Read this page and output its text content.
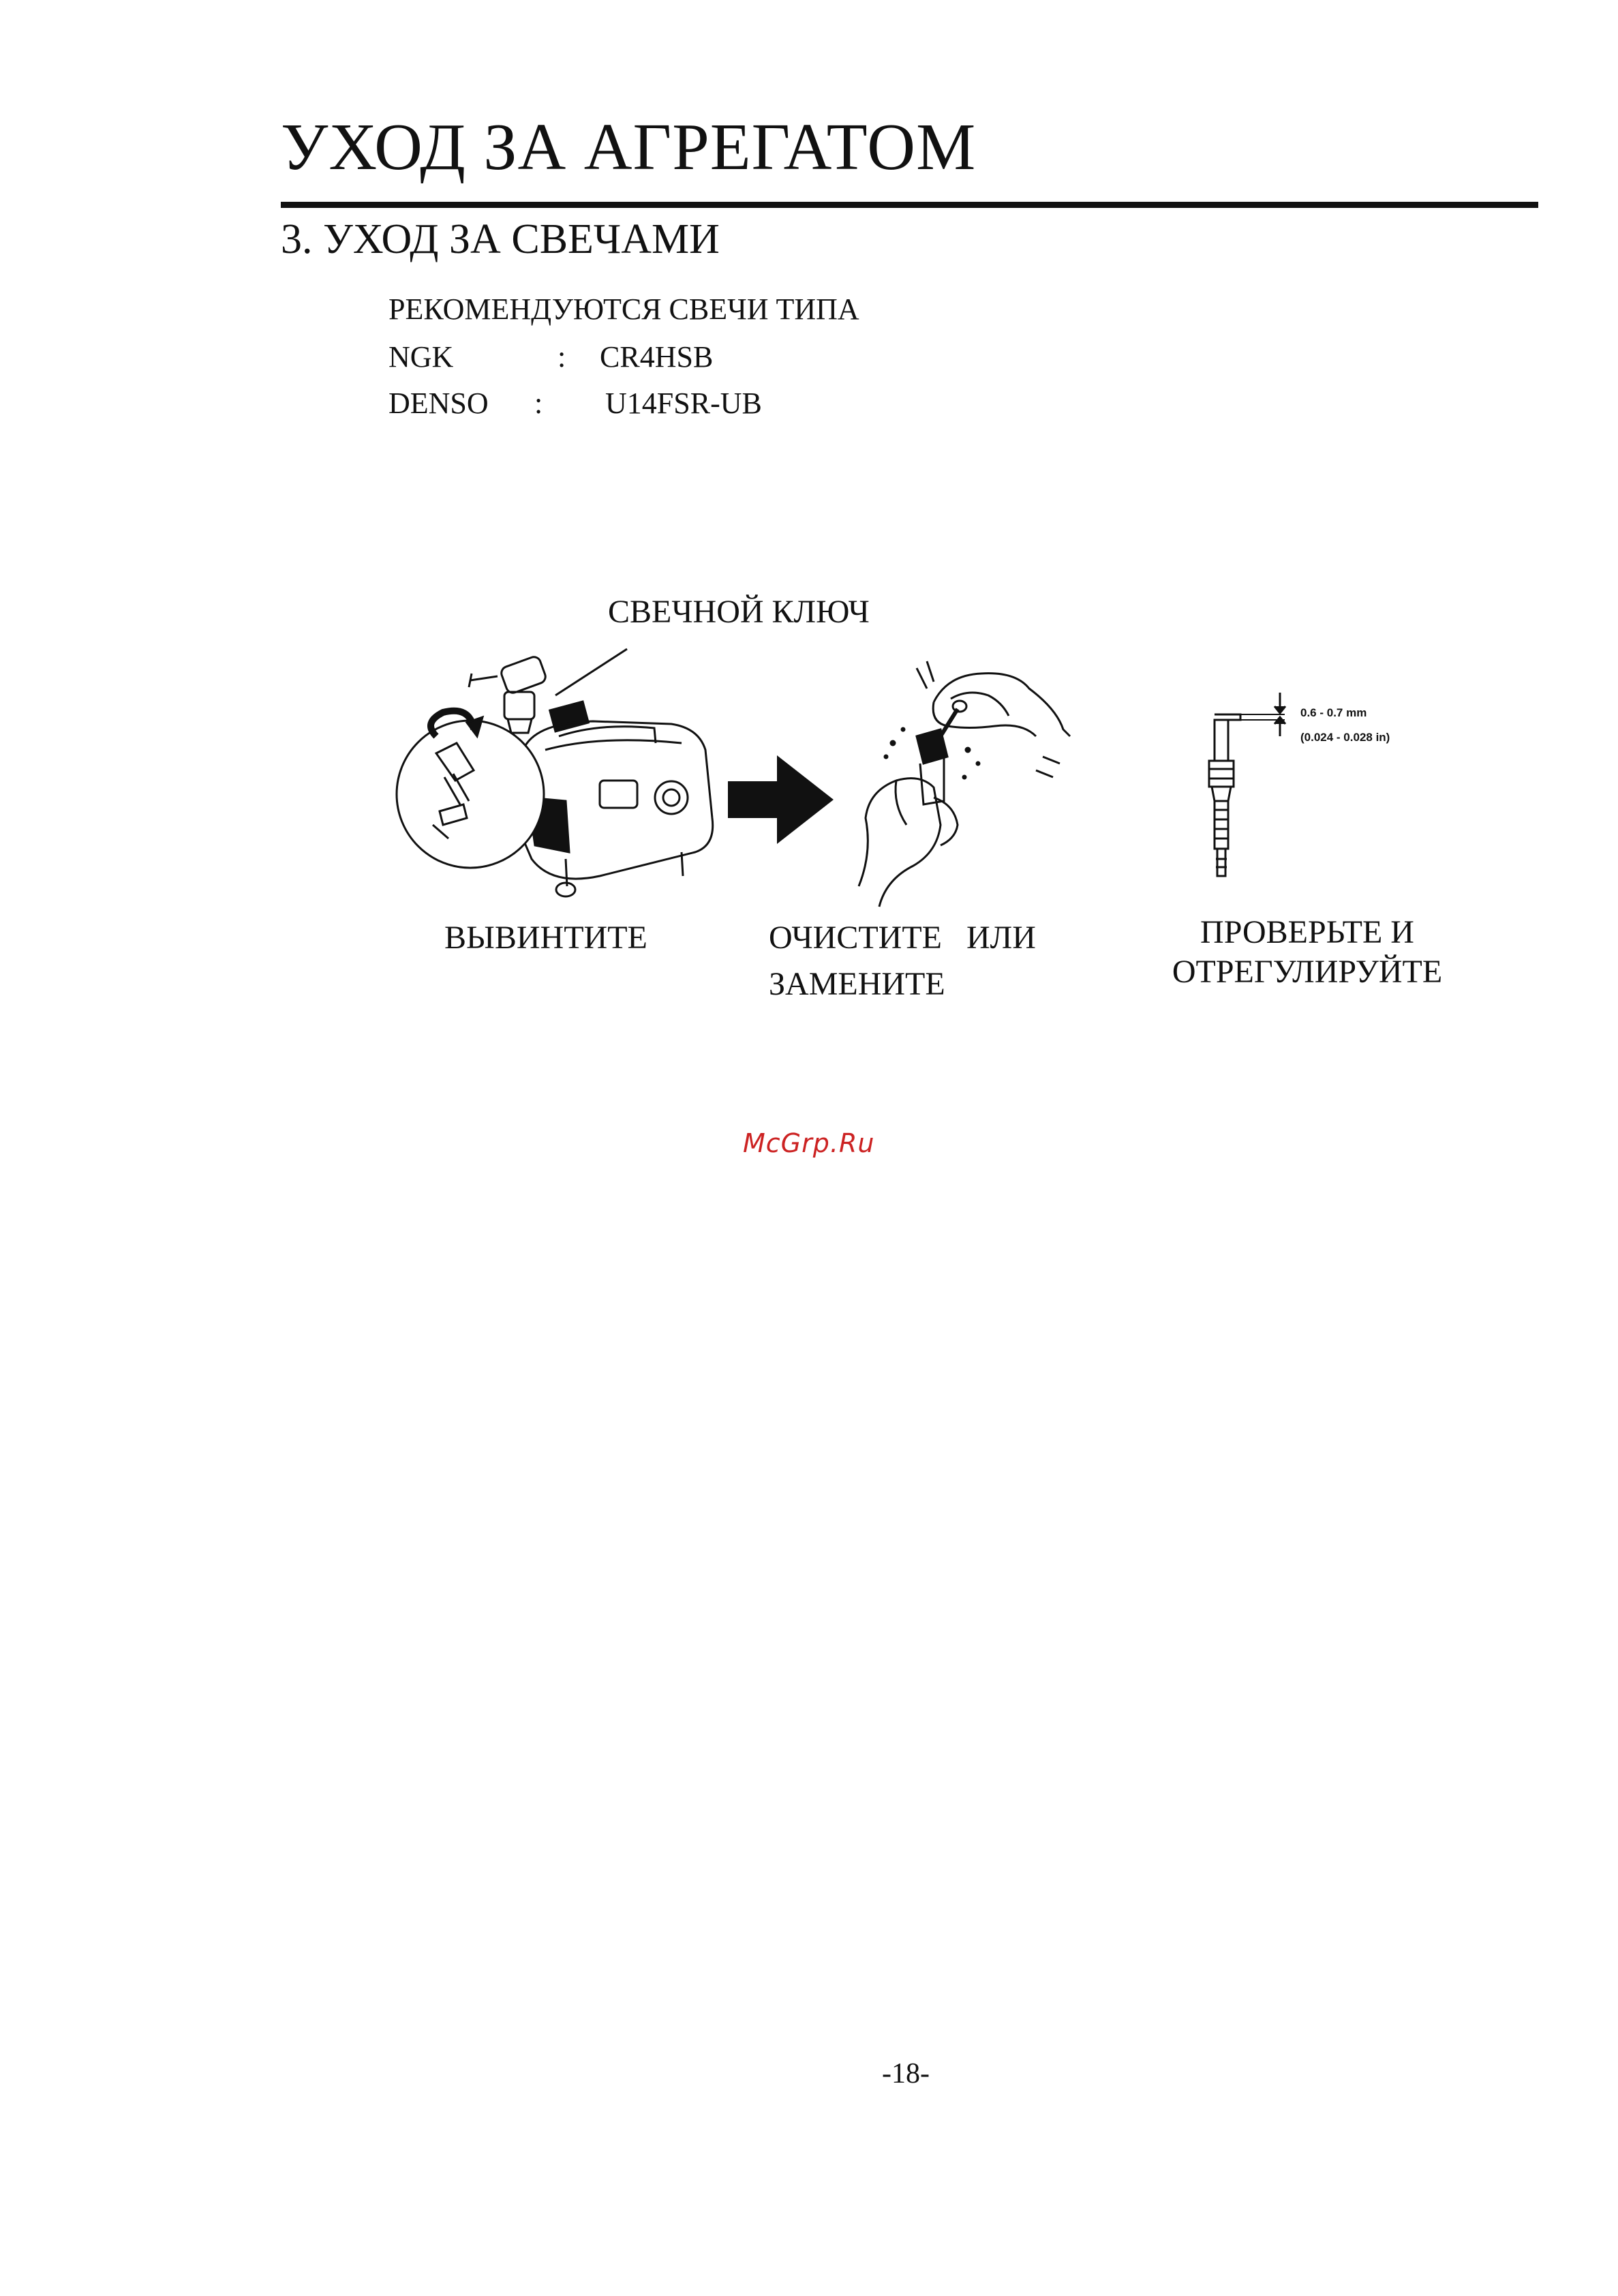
УХОД ЗА АГРЕГАТОМ
3. УХОД ЗА СВЕЧАМИ
РЕКОМЕНДУЮТСЯ СВЕЧИ ТИПА
NGK	: CR4HSB
DENSO : U14FSR-UB
СВЕЧНОЙ КЛЮЧ
0.6 - 0.7 mm
(0.024 - 0.028 in)
ВЫВИНТИТЕ	ОЧИСТИТЕ   ИЛИ
ЗАМЕНИТЕ
ПРОВЕРЬТЕ И
ОТРЕГУЛИРУЙТЕ
McGrp.Ru
-18-
